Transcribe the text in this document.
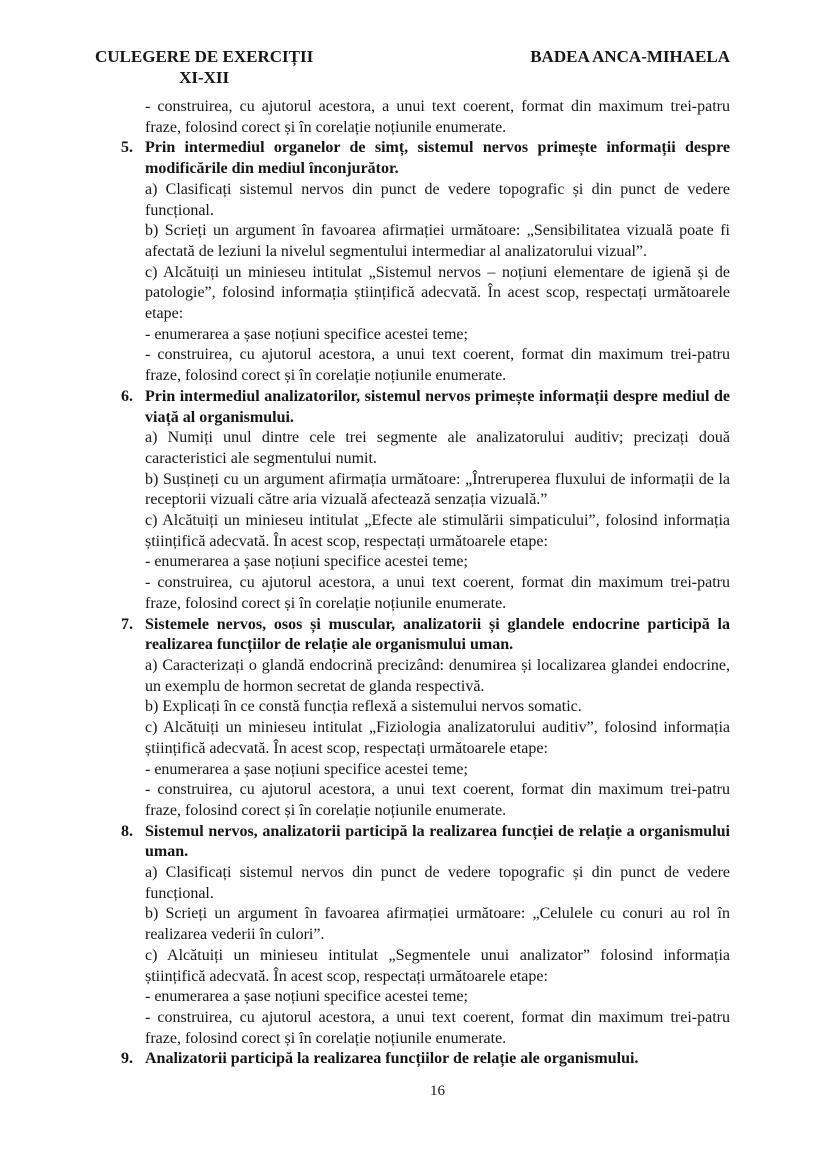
CULEGERE DE EXERCIȚII
XI-XII
BADEA ANCA-MIHAELA

- construirea, cu ajutorul acestora, a unui text coerent, format din maximum trei-patru fraze, folosind corect și în corelație noțiunile enumerate.

5. Prin intermediul organelor de simț, sistemul nervos primește informații despre modificările din mediul înconjurător.

a) Clasificați sistemul nervos din punct de vedere topografic și din punct de vedere funcțional.

b) Scrieți un argument în favoarea afirmației următoare: „Sensibilitatea vizuală poate fi afectată de leziuni la nivelul segmentului intermediar al analizatorului vizual”.

c) Alcătuiți un minieseu intitulat „Sistemul nervos – noțiuni elementare de igienă și de patologie”, folosind informația științifică adecvată. În acest scop, respectați următoarele etape:

- enumerarea a șase noțiuni specifice acestei teme;

- construirea, cu ajutorul acestora, a unui text coerent, format din maximum trei-patru fraze, folosind corect și în corelație noțiunile enumerate.

6. Prin intermediul analizatorilor, sistemul nervos primește informații despre mediul de viață al organismului.

a) Numiți unul dintre cele trei segmente ale analizatorului auditiv; precizați două caracteristici ale segmentului numit.

b) Susțineți cu un argument afirmația următoare: „Întreruperea fluxului de informații de la receptorii vizuali către aria vizuală afectează senzația vizuală.”

c) Alcătuiți un minieseu intitulat „Efecte ale stimulării simpaticului”, folosind informația științifică adecvată. În acest scop, respectați următoarele etape:

- enumerarea a șase noțiuni specifice acestei teme;

- construirea, cu ajutorul acestora, a unui text coerent, format din maximum trei-patru fraze, folosind corect și în corelație noțiunile enumerate.

7. Sistemele nervos, osos și muscular, analizatorii și glandele endocrine participă la realizarea funcțiilor de relație ale organismului uman.

a) Caracterizați o glandă endocrină precizând: denumirea și localizarea glandei endocrine, un exemplu de hormon secretat de glanda respectivă.

b) Explicați în ce constă funcția reflexă a sistemului nervos somatic.

c) Alcătuiți un minieseu intitulat „Fiziologia analizatorului auditiv”, folosind informația științifică adecvată. În acest scop, respectați următoarele etape:

- enumerarea a șase noțiuni specifice acestei teme;

- construirea, cu ajutorul acestora, a unui text coerent, format din maximum trei-patru fraze, folosind corect și în corelație noțiunile enumerate.

8. Sistemul nervos, analizatorii participă la realizarea funcției de relație a organismului uman.

a) Clasificați sistemul nervos din punct de vedere topografic și din punct de vedere funcțional.

b) Scrieți un argument în favoarea afirmației următoare: „Celulele cu conuri au rol în realizarea vederii în culori”.

c) Alcătuiți un minieseu intitulat „Segmentele unui analizator” folosind informația științifică adecvată. În acest scop, respectați următoarele etape:

- enumerarea a șase noțiuni specifice acestei teme;

- construirea, cu ajutorul acestora, a unui text coerent, format din maximum trei-patru fraze, folosind corect și în corelație noțiunile enumerate.

9. Analizatorii participă la realizarea funcțiilor de relație ale organismului.

16
